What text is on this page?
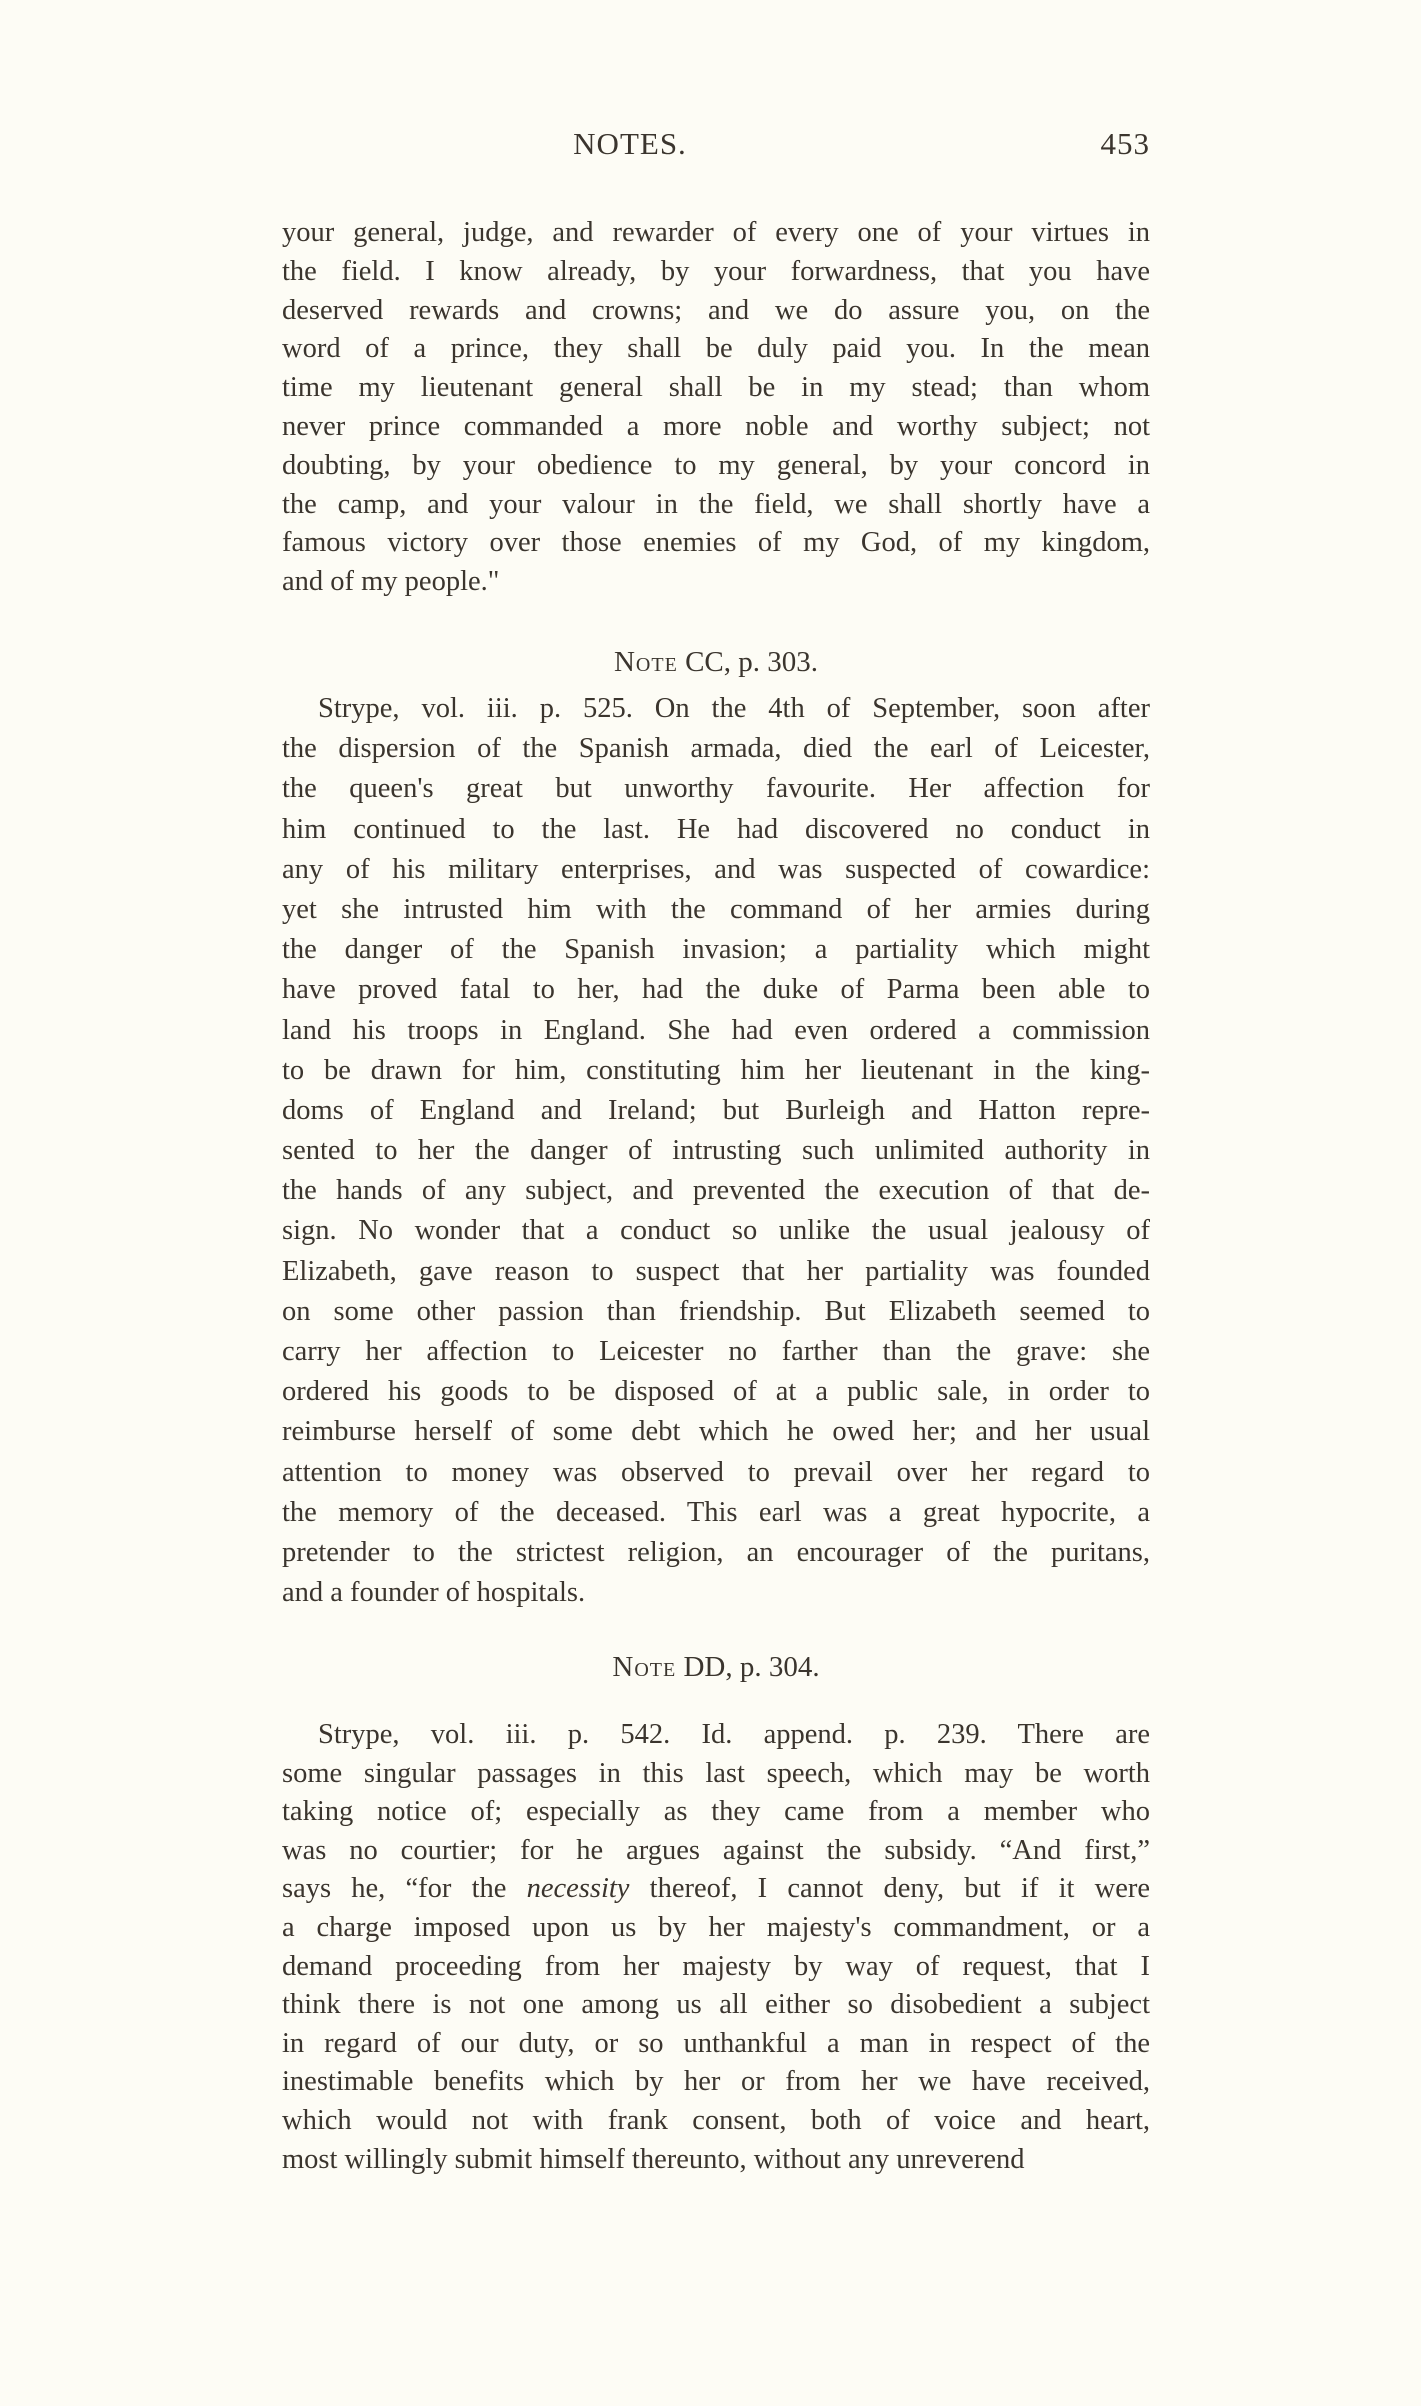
NOTES.	453
your general, judge, and rewarder of every one of your virtues in
the field. I know already, by your forwardness, that you have
deserved rewards and crowns; and we do assure you, on the
word of a prince, they shall be duly paid you. In the mean
time my lieutenant general shall be in my stead; than whom
never prince commanded a more noble and worthy subject; not
doubting, by your obedience to my general, by your concord in
the camp, and your valour in the field, we shall shortly have a
famous victory over those enemies of my God, of my kingdom,
and of my people."
Note CC, p. 303.
Strype, vol. iii. p. 525. On the 4th of September, soon after
the dispersion of the Spanish armada, died the earl of Leicester,
the queen's great but unworthy favourite. Her affection for
him continued to the last. He had discovered no conduct in
any of his military enterprises, and was suspected of cowardice:
yet she intrusted him with the command of her armies during
the danger of the Spanish invasion; a partiality which might
have proved fatal to her, had the duke of Parma been able to
land his troops in England. She had even ordered a commission
to be drawn for him, constituting him her lieutenant in the king-
doms of England and Ireland; but Burleigh and Hatton repre-
sented to her the danger of intrusting such unlimited authority in
the hands of any subject, and prevented the execution of that de-
sign. No wonder that a conduct so unlike the usual jealousy of
Elizabeth, gave reason to suspect that her partiality was founded
on some other passion than friendship. But Elizabeth seemed to
carry her affection to Leicester no farther than the grave: she
ordered his goods to be disposed of at a public sale, in order to
reimburse herself of some debt which he owed her; and her usual
attention to money was observed to prevail over her regard to
the memory of the deceased. This earl was a great hypocrite, a
pretender to the strictest religion, an encourager of the puritans,
and a founder of hospitals.
Note DD, p. 304.
Strype, vol. iii. p. 542. Id. append. p. 239. There are
some singular passages in this last speech, which may be worth
taking notice of; especially as they came from a member who
was no courtier; for he argues against the subsidy. “And first,”
says he, “for the necessity thereof, I cannot deny, but if it were
a charge imposed upon us by her majesty's commandment, or a
demand proceeding from her majesty by way of request, that I
think there is not one among us all either so disobedient a subject
in regard of our duty, or so unthankful a man in respect of the
inestimable benefits which by her or from her we have received,
which would not with frank consent, both of voice and heart,
most willingly submit himself thereunto, without any unreverend
